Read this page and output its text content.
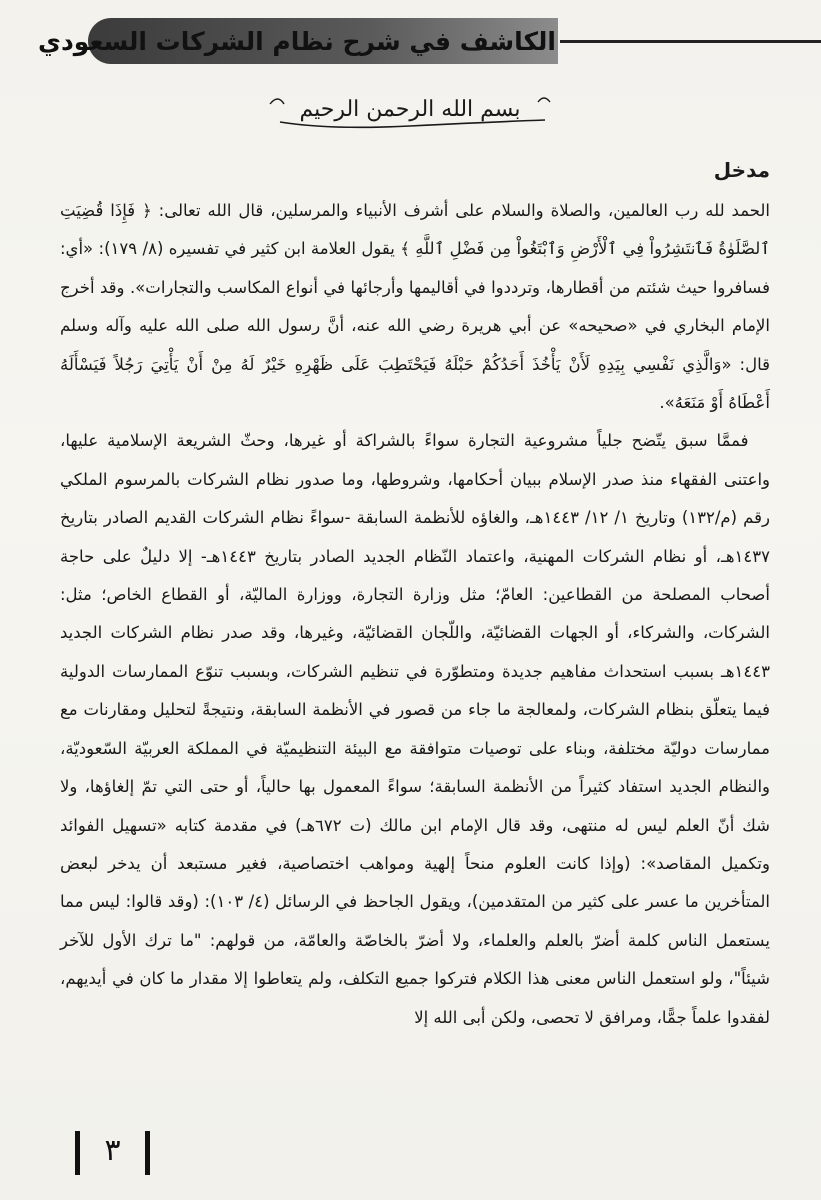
الكاشف في شرح نظام الشركات السعودي
بسم الله الرحمن الرحيم
مدخل

الحمد لله رب العالمين، والصلاة والسلام على أشرف الأنبياء والمرسلين، قال الله تعالى: ﴿ فَإِذَا قُضِيَتِ ٱلصَّلَوٰةُ فَٱنتَشِرُواْ فِي ٱلْأَرْضِ وَٱبْتَغُواْ مِن فَضْلِ ٱللَّهِ ﴾ يقول العلامة ابن كثير في تفسيره (٨/ ١٧٩): «أي: فسافروا حيث شئتم من أقطارها، وترددوا في أقاليمها وأرجائها في أنواع المكاسب والتجارات». وقد أخرج الإمام البخاري في «صحيحه» عن أبي هريرة رضي الله عنه، أنَّ رسول الله صلى الله عليه وآله وسلم قال: «وَالَّذِي نَفْسِي بِيَدِهِ لَأَنْ يَأْخُذَ أَحَدُكُمْ حَبْلَهُ فَيَحْتَطِبَ عَلَى ظَهْرِهِ خَيْرٌ لَهُ مِنْ أَنْ يَأْتِيَ رَجُلاً فَيَسْأَلَهُ أَعْطَاهُ أَوْ مَنَعَهُ».

فممَّا سبق يتّضح جلياً مشروعية التجارة سواءً بالشراكة أو غيرها، وحثّ الشريعة الإسلامية عليها، واعتنى الفقهاء منذ صدر الإسلام ببيان أحكامها، وشروطها، وما صدور نظام الشركات بالمرسوم الملكي رقم (م/١٣٢) وتاريخ ١/ ١٢/ ١٤٤٣هـ، والغاؤه للأنظمة السابقة -سواءً نظام الشركات القديم الصادر بتاريخ ١٤٣٧هـ، أو نظام الشركات المهنية، واعتماد النّظام الجديد الصادر بتاريخ ١٤٤٣هـ- إلا دليلٌ على حاجة أصحاب المصلحة من القطاعين: العامّ؛ مثل وزارة التجارة، ووزارة الماليّة، أو القطاع الخاص؛ مثل: الشركات، والشركاء، أو الجهات القضائيّة، واللّجان القضائيّة، وغيرها، وقد صدر نظام الشركات الجديد ١٤٤٣هـ بسبب استحداث مفاهيم جديدة ومتطوّرة في تنظيم الشركات، وبسبب تنوّع الممارسات الدولية فيما يتعلّق بنظام الشركات، ولمعالجة ما جاء من قصور في الأنظمة السابقة، ونتيجةً لتحليل ومقارنات مع ممارسات دوليّة مختلفة، وبناء على توصيات متوافقة مع البيئة التنظيميّة في المملكة العربيّة السّعوديّة، والنظام الجديد استفاد كثيراً من الأنظمة السابقة؛ سواءً المعمول بها حالياً، أو حتى التي تمّ إلغاؤها، ولا شك أنّ العلم ليس له منتهى، وقد قال الإمام ابن مالك (ت ٦٧٢هـ) في مقدمة كتابه «تسهيل الفوائد وتكميل المقاصد»: (وإذا كانت العلوم منحاً إلهية ومواهب اختصاصية، فغير مستبعد أن يدخر لبعض المتأخرين ما عسر على كثير من المتقدمين)، ويقول الجاحظ في الرسائل (٤/ ١٠٣): (وقد قالوا: ليس مما يستعمل الناس كلمة أضرّ بالعلم والعلماء، ولا أضرّ بالخاصّة والعامّة، من قولهم: "ما ترك الأول للآخر شيئاً"، ولو استعمل الناس معنى هذا الكلام فتركوا جميع التكلف، ولم يتعاطوا إلا مقدار ما كان في أيديهم، لفقدوا علماً جمًّا، ومرافق لا تحصى، ولكن أبى الله إلا

٣
